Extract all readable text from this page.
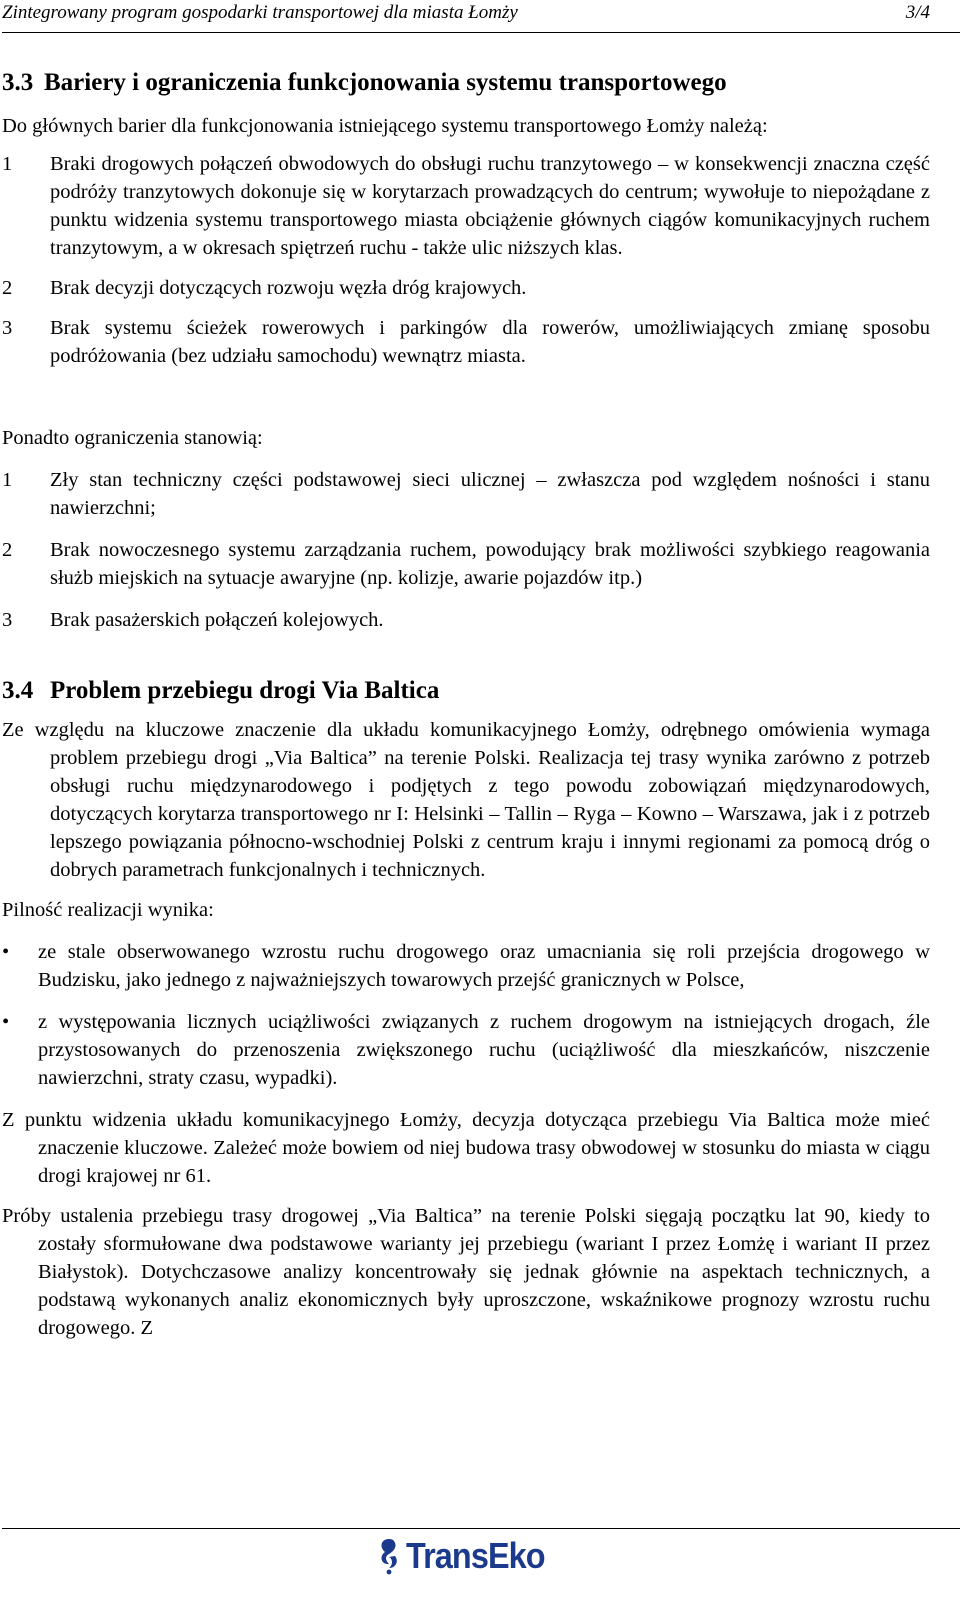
Zintegrowany program gospodarki transportowej dla miasta Łomży	3/4
3.3 Bariery i ograniczenia funkcjonowania systemu transportowego

Do głównych barier dla funkcjonowania istniejącego systemu transportowego Łomży należą:

1	Braki drogowych połączeń obwodowych do obsługi ruchu tranzytowego – w konsekwencji znaczna część podróży tranzytowych dokonuje się w korytarzach prowadzących do centrum; wywołuje to niepożądane z punktu widzenia systemu transportowego miasta obciążenie głównych ciągów komunikacyjnych ruchem tranzytowym, a w okresach spiętrzeń ruchu - także ulic niższych klas.
2	Brak decyzji dotyczących rozwoju węzła dróg krajowych.
3	Brak systemu ścieżek rowerowych i parkingów dla rowerów, umożliwiających zmianę sposobu podróżowania (bez udziału samochodu) wewnątrz miasta.

Ponadto ograniczenia stanowią:

1	Zły stan techniczny części podstawowej sieci ulicznej – zwłaszcza pod względem nośności i stanu nawierzchni;
2	Brak nowoczesnego systemu zarządzania ruchem, powodujący brak możliwości szybkiego reagowania służb miejskich na sytuacje awaryjne (np. kolizje, awarie pojazdów itp.)
3	Brak pasażerskich połączeń kolejowych.
3.4 Problem przebiegu drogi Via Baltica

Ze względu na kluczowe znaczenie dla układu komunikacyjnego Łomży, odrębnego omówienia wymaga problem przebiegu drogi „Via Baltica” na terenie Polski. Realizacja tej trasy wynika zarówno z potrzeb obsługi ruchu międzynarodowego i podjętych z tego powodu zobowiązań międzynarodowych, dotyczących korytarza transportowego nr I: Helsinki – Tallin – Ryga – Kowno – Warszawa, jak i z potrzeb lepszego powiązania północno-wschodniej Polski z centrum kraju i innymi regionami za pomocą dróg o dobrych parametrach funkcjonalnych i technicznych.

Pilność realizacji wynika:

•	ze stale obserwowanego wzrostu ruchu drogowego oraz umacniania się roli przejścia drogowego w Budzisku, jako jednego z najważniejszych towarowych przejść granicznych w Polsce,
•	z występowania licznych uciążliwości związanych z ruchem drogowym na istniejących drogach, źle przystosowanych do przenoszenia zwiększonego ruchu (uciążliwość dla mieszkańców, niszczenie nawierzchni, straty czasu, wypadki).

Z punktu widzenia układu komunikacyjnego Łomży, decyzja dotycząca przebiegu Via Baltica może mieć znaczenie kluczowe. Zależeć może bowiem od niej budowa trasy obwodowej w stosunku do miasta w ciągu drogi krajowej nr 61.

Próby ustalenia przebiegu trasy drogowej „Via Baltica” na terenie Polski sięgają początku lat 90, kiedy to zostały sformułowane dwa podstawowe warianty jej przebiegu (wariant I przez Łomżę i wariant II przez Białystok). Dotychczasowe analizy koncentrowały się jednak głównie na aspektach technicznych, a podstawą wykonanych analiz ekonomicznych były uproszczone, wskaźnikowe prognozy wzrostu ruchu drogowego. Z

TransEko
